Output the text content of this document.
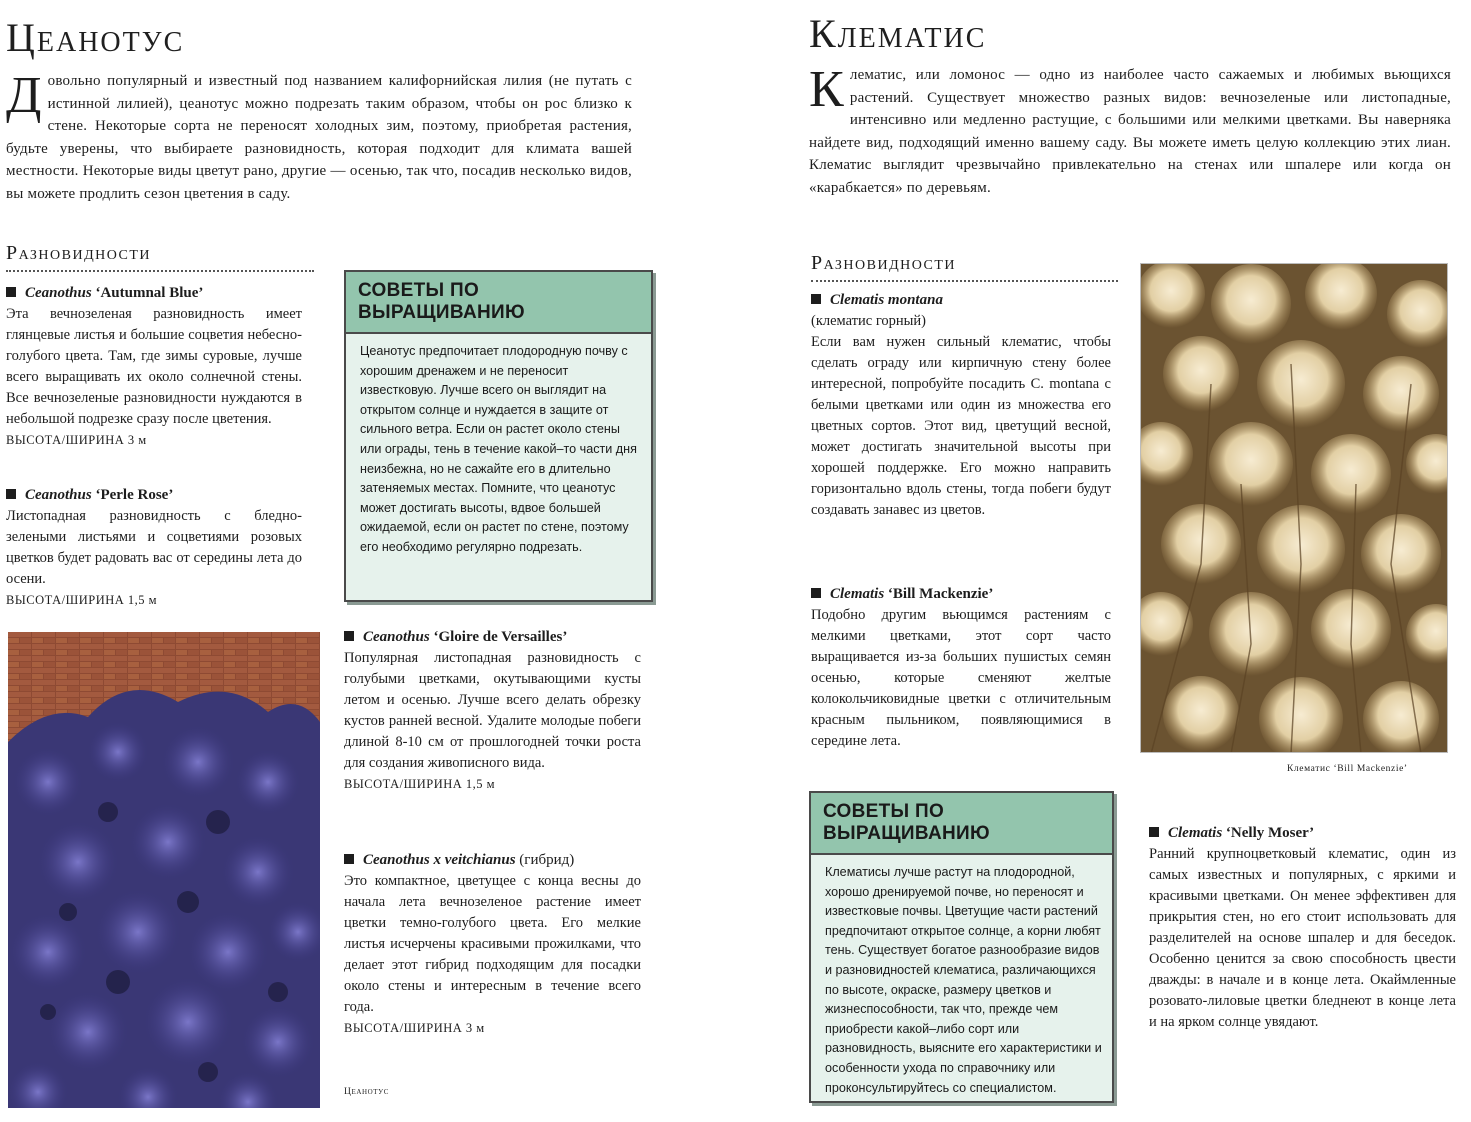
Цеанотус
Довольно популярный и известный под названием калифорнийская лилия (не путать с истинной лилией), цеанотус можно подрезать таким образом, чтобы он рос близко к стене. Некоторые сорта не переносят холодных зим, поэтому, приобретая растения, будьте уверены, что выбираете разновидность, которая подходит для климата вашей местности. Некоторые виды цветут рано, другие — осенью, так что, посадив несколько видов, вы можете продлить сезон цветения в саду.
Разновидности
Ceanothus ‘Autumnal Blue’
Эта вечнозеленая разновидность имеет глянцевые листья и большие соцветия небесно-голубого цвета. Там, где зимы суровые, лучше всего выращивать их около солнечной стены. Все вечнозеленые разновидности нуждаются в небольшой подрезке сразу после цветения.
ВЫСОТА/ШИРИНА 3 м
Ceanothus ‘Perle Rose’
Листопадная разновидность с бледно-зелеными листьями и соцветиями розовых цветков будет радовать вас от середины лета до осени.
ВЫСОТА/ШИРИНА 1,5 м
СОВЕТЫ ПО ВЫРАЩИВАНИЮ
Цеанотус предпочитает плодородную почву с хорошим дренажем и не переносит известковую. Лучше всего он выглядит на открытом солнце и нуждается в защите от сильного ветра. Если он растет около стены или ограды, тень в течение какой–то части дня неизбежна, но не сажайте его в длительно затеняемых местах. Помните, что цеанотус может достигать высоты, вдвое большей ожидаемой, если он растет по стене, поэтому его необходимо регулярно подрезать.
Ceanothus ‘Gloire de Versailles’
Популярная листопадная разновидность с голубыми цветками, окутывающими кусты летом и осенью. Лучше всего делать обрезку кустов ранней весной. Удалите молодые побеги длиной 8-10 см от прошлогодней точки роста для создания живописного вида.
ВЫСОТА/ШИРИНА 1,5 м
Ceanothus x veitchianus (гибрид)
Это компактное, цветущее с конца весны до начала лета вечнозеленое растение имеет цветки темно-голубого цвета. Его мелкие листья исчерчены красивыми прожилками, что делает этот гибрид подходящим для посадки около стены и интересным в течение всего года.
ВЫСОТА/ШИРИНА 3 м
Цеанотус
Клематис
Клематис, или ломонос — одно из наиболее часто сажаемых и любимых вьющихся растений. Существует множество разных видов: вечнозеленые или листопадные, интенсивно или медленно растущие, с большими или мелкими цветками. Вы наверняка найдете вид, подходящий именно вашему саду. Вы можете иметь целую коллекцию этих лиан. Клематис выглядит чрезвычайно привлекательно на стенах или шпалере или когда он «карабкается» по деревьям.
Разновидности
Clematis montana
(клематис горный)
Если вам нужен сильный клематис, чтобы сделать ограду или кирпичную стену более интересной, попробуйте посадить C. montana с белыми цветками или один из множества его цветных сортов. Этот вид, цветущий весной, может достигать значительной высоты при хорошей поддержке. Его можно направить горизонтально вдоль стены, тогда побеги будут создавать занавес из цветов.
Clematis ‘Bill Mackenzie’
Подобно другим вьющимся растениям с мелкими цветками, этот сорт часто выращивается из-за больших пушистых семян осенью, которые сменяют желтые колокольчиковидные цветки с отличительным красным пыльником, появляющимися в середине лета.
Клематис ‘Bill Mackenzie’
СОВЕТЫ ПО ВЫРАЩИВАНИЮ
Клематисы лучше растут на плодородной, хорошо дренируемой почве, но переносят и известковые почвы. Цветущие части растений предпочитают открытое солнце, а корни любят тень. Существует богатое разнообразие видов и разновидностей клематиса, различающихся по высоте, окраске, размеру цветков и жизнеспособности, так что, прежде чем приобрести какой–либо сорт или разновидность, выясните его характеристики и особенности ухода по справочнику или проконсультируйтесь со специалистом.
Clematis ‘Nelly Moser’
Ранний крупноцветковый клематис, один из самых известных и популярных, с яркими и красивыми цветками. Он менее эффективен для прикрытия стен, но его стоит использовать для разделителей на основе шпалер и для беседок. Особенно ценится за свою способность цвести дважды: в начале и в конце лета. Окаймленные розовато-лиловые цветки бледнеют в конце лета и на ярком солнце увядают.
